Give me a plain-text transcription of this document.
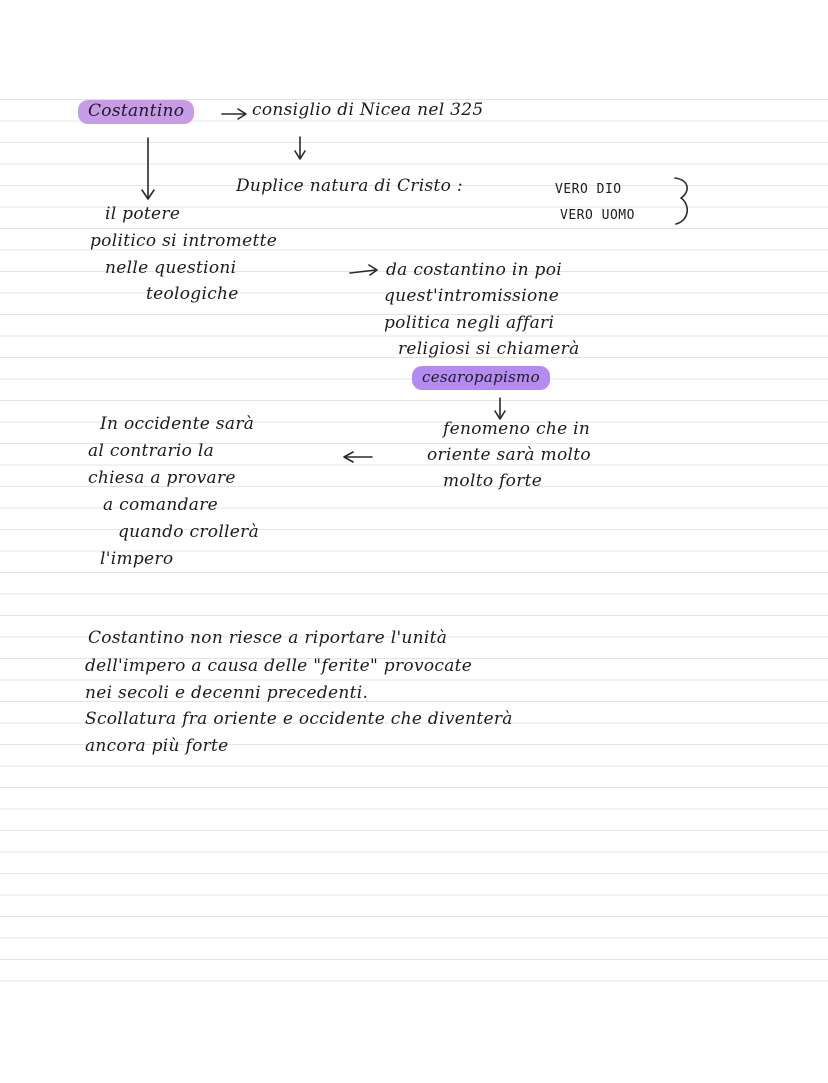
Costantino	consiglio di Nicea nel 325
Duplice natura di Cristo :	VERO DIO
VERO UOMO
il potere
politico si intromette
nelle questioni
teologiche
da costantino in poi
quest'intromissione
politica negli affari
religiosi si chiamerà
cesaropapismo
fenomeno che in
oriente sarà molto
molto forte
In occidente sarà
al contrario la
chiesa a provare
a comandare
quando crollerà
l'impero
Costantino non riesce a riportare l'unità
dell'impero a causa delle "ferite" provocate
nei secoli e decenni precedenti.
Scollatura fra oriente e occidente che diventerà
ancora più forte
